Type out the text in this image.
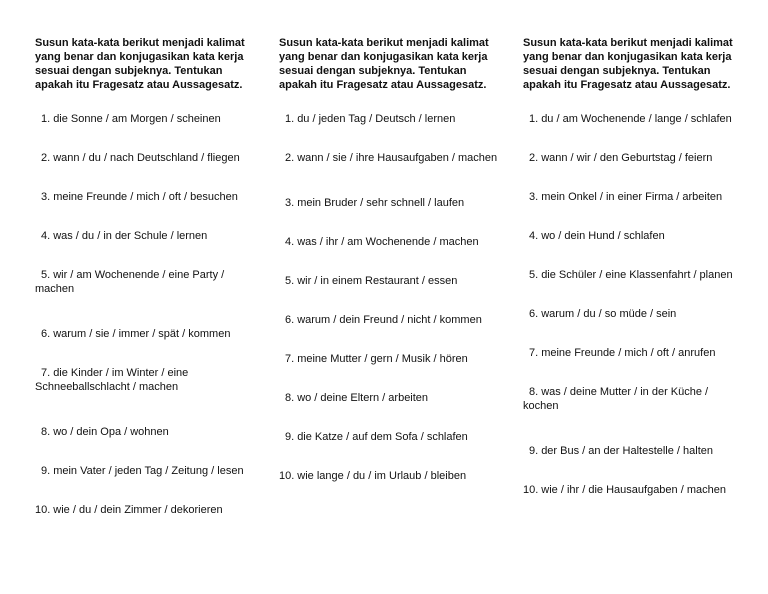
Susun kata-kata berikut menjadi kalimat yang benar dan konjugasikan kata kerja sesuai dengan subjeknya. Tentukan apakah itu Fragesatz atau Aussagesatz.

1. die Sonne / am Morgen / scheinen
2. wann / du / nach Deutschland / fliegen
3. meine Freunde / mich / oft / besuchen
4. was / du / in der Schule / lernen
5. wir / am Wochenende / eine Party / machen
6. warum / sie / immer / spät / kommen
7. die Kinder / im Winter / eine Schneeballschlacht / machen
8. wo / dein Opa / wohnen
9. mein Vater / jeden Tag / Zeitung / lesen
10. wie / du / dein Zimmer / dekorieren

Susun kata-kata berikut menjadi kalimat yang benar dan konjugasikan kata kerja sesuai dengan subjeknya. Tentukan apakah itu Fragesatz atau Aussagesatz.

1. du / jeden Tag / Deutsch / lernen
2. wann / sie / ihre Hausaufgaben / machen
3. mein Bruder / sehr schnell / laufen
4. was / ihr / am Wochenende / machen
5. wir / in einem Restaurant / essen
6. warum / dein Freund / nicht / kommen
7. meine Mutter / gern / Musik / hören
8. wo / deine Eltern / arbeiten
9. die Katze / auf dem Sofa / schlafen
10. wie lange / du / im Urlaub / bleiben

Susun kata-kata berikut menjadi kalimat yang benar dan konjugasikan kata kerja sesuai dengan subjeknya. Tentukan apakah itu Fragesatz atau Aussagesatz.

1. du / am Wochenende / lange / schlafen
2. wann / wir / den Geburtstag / feiern
3. mein Onkel / in einer Firma / arbeiten
4. wo / dein Hund / schlafen
5. die Schüler / eine Klassenfahrt / planen
6. warum / du / so müde / sein
7. meine Freunde / mich / oft / anrufen
8. was / deine Mutter / in der Küche / kochen
9. der Bus / an der Haltestelle / halten
10. wie / ihr / die Hausaufgaben / machen
